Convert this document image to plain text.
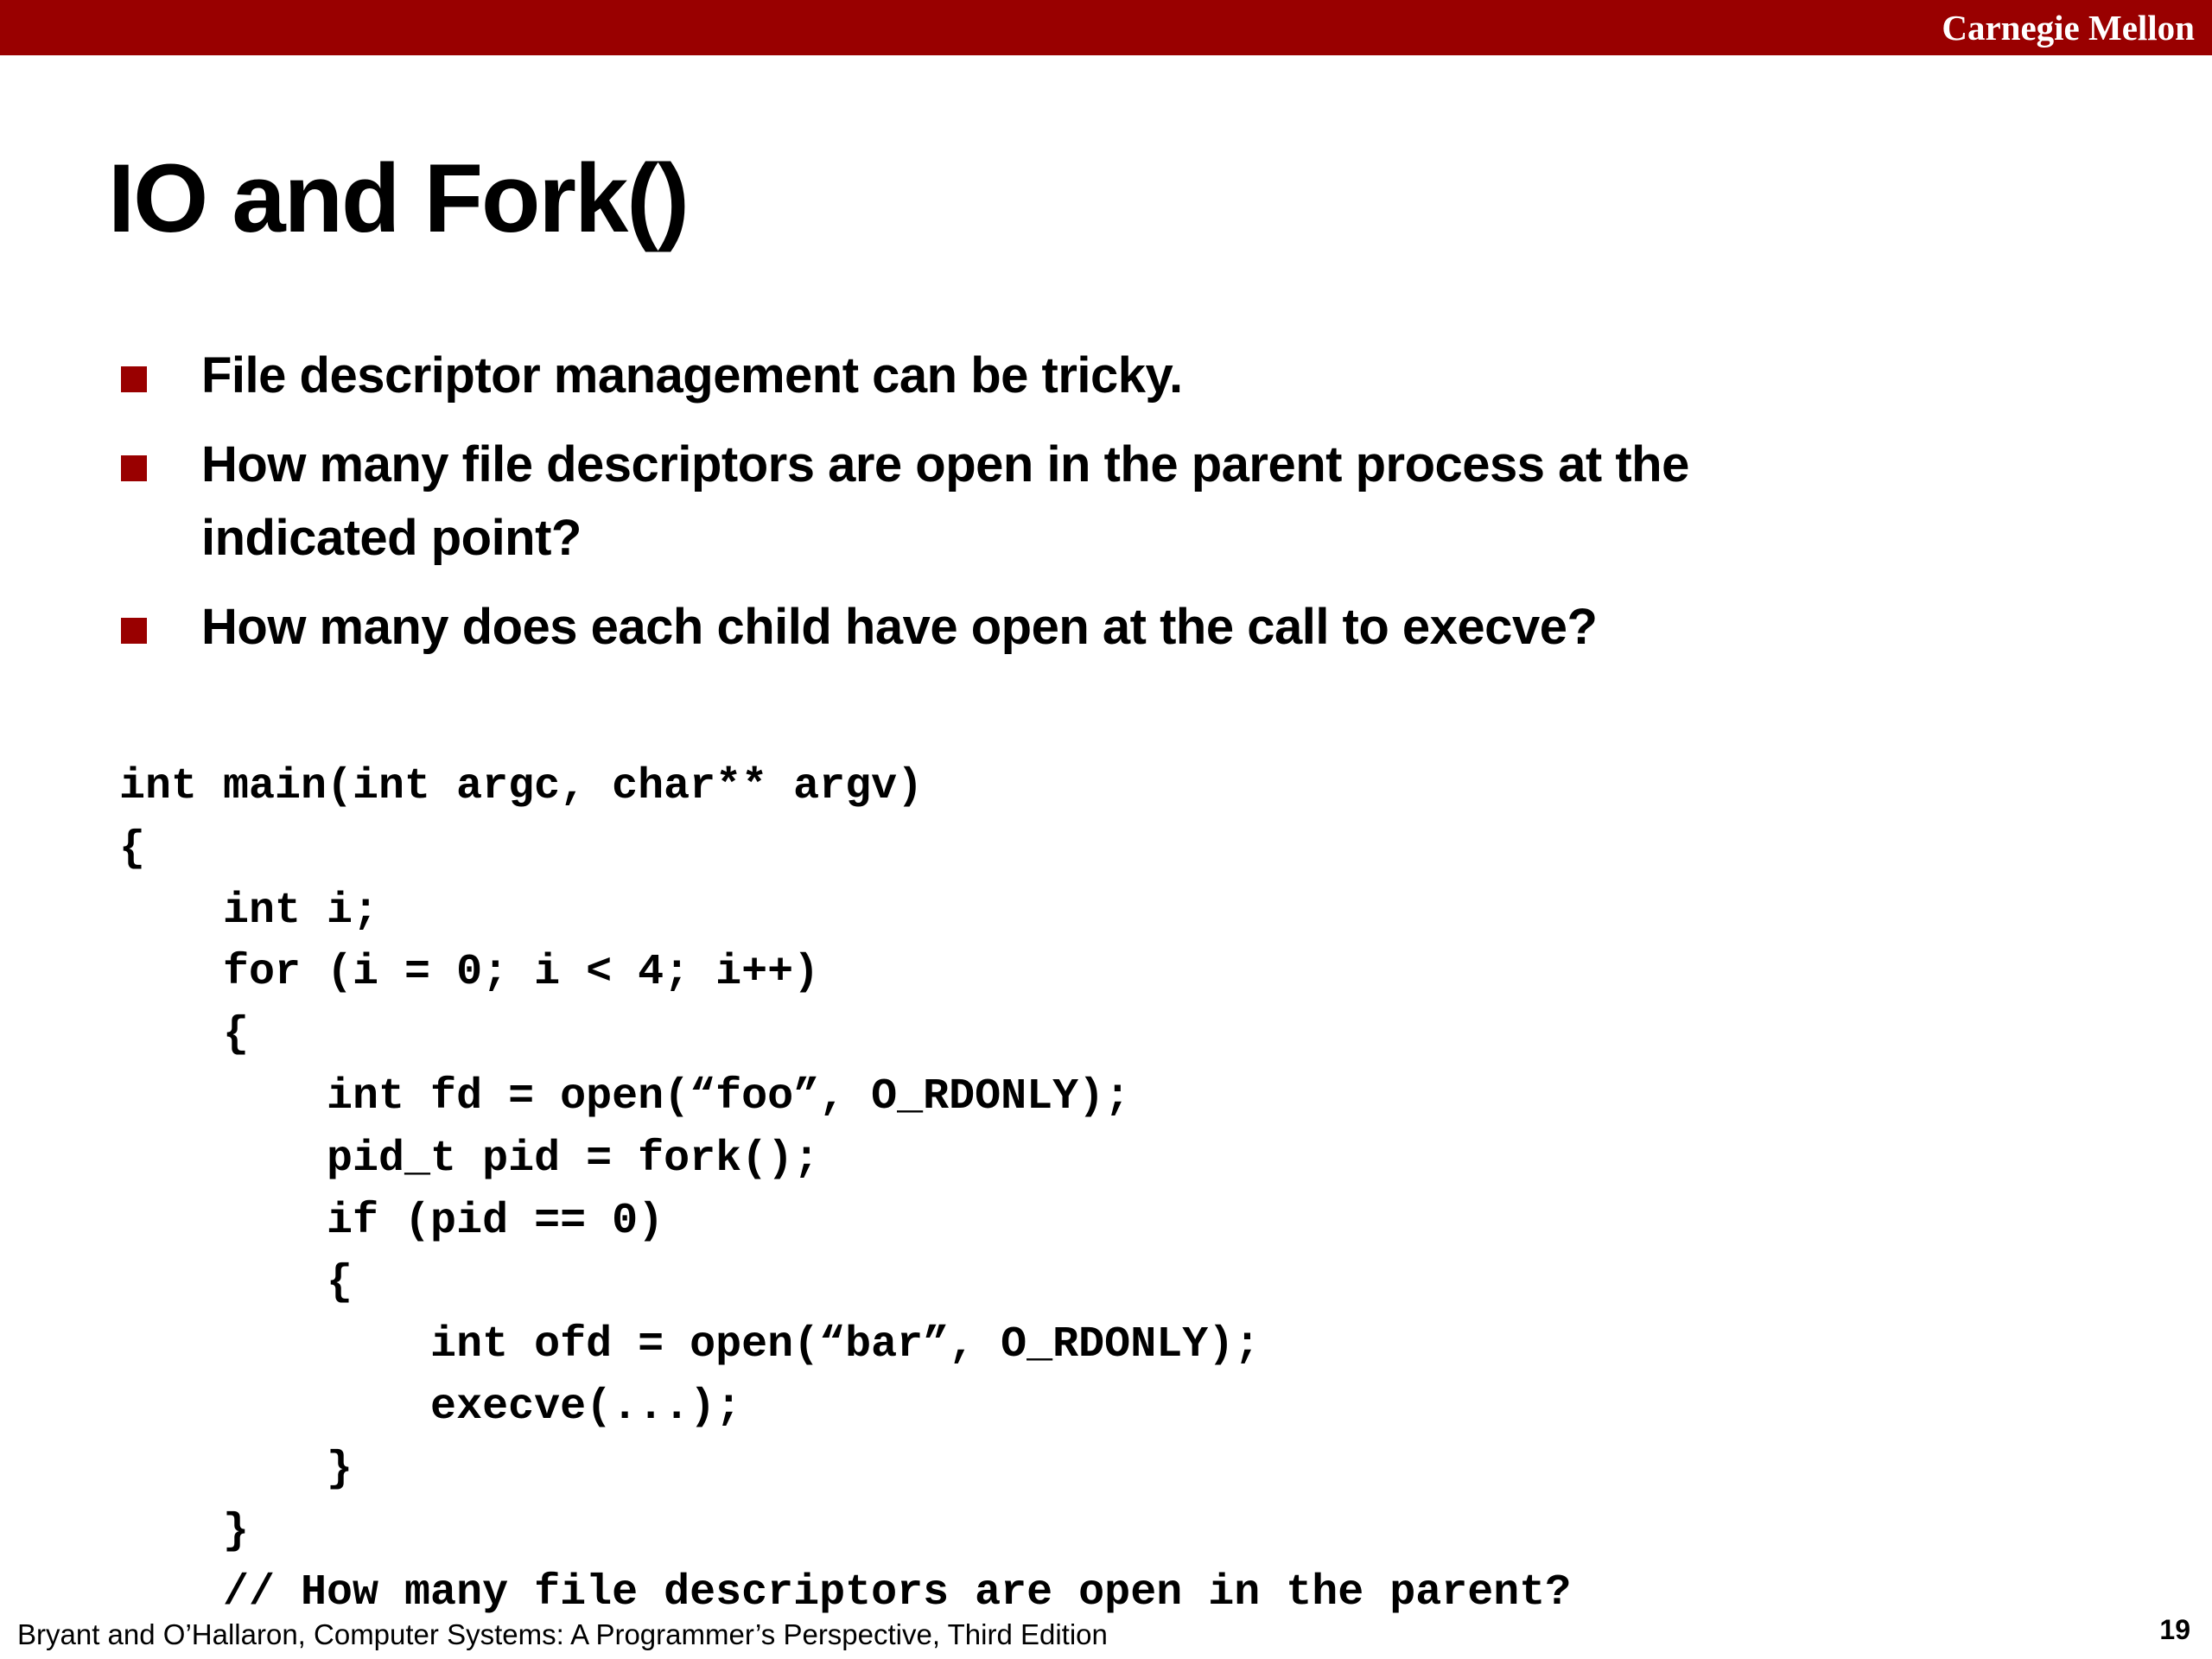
Carnegie Mellon
IO and Fork()
File descriptor management can be tricky.
How many file descriptors are open in the parent process at the indicated point?
How many does each child have open at the call to execve?
int main(int argc, char** argv)
{
int i;
for (i = 0; i < 4; i++)
{
int fd = open(“foo”, O_RDONLY);
pid_t pid = fork();
if (pid == 0)
{
int ofd = open(“bar”, O_RDONLY);
execve(...);
}
}
// How many file descriptors are open in the parent?
Bryant and O’Hallaron, Computer Systems: A Programmer’s Perspective, Third Edition	19
